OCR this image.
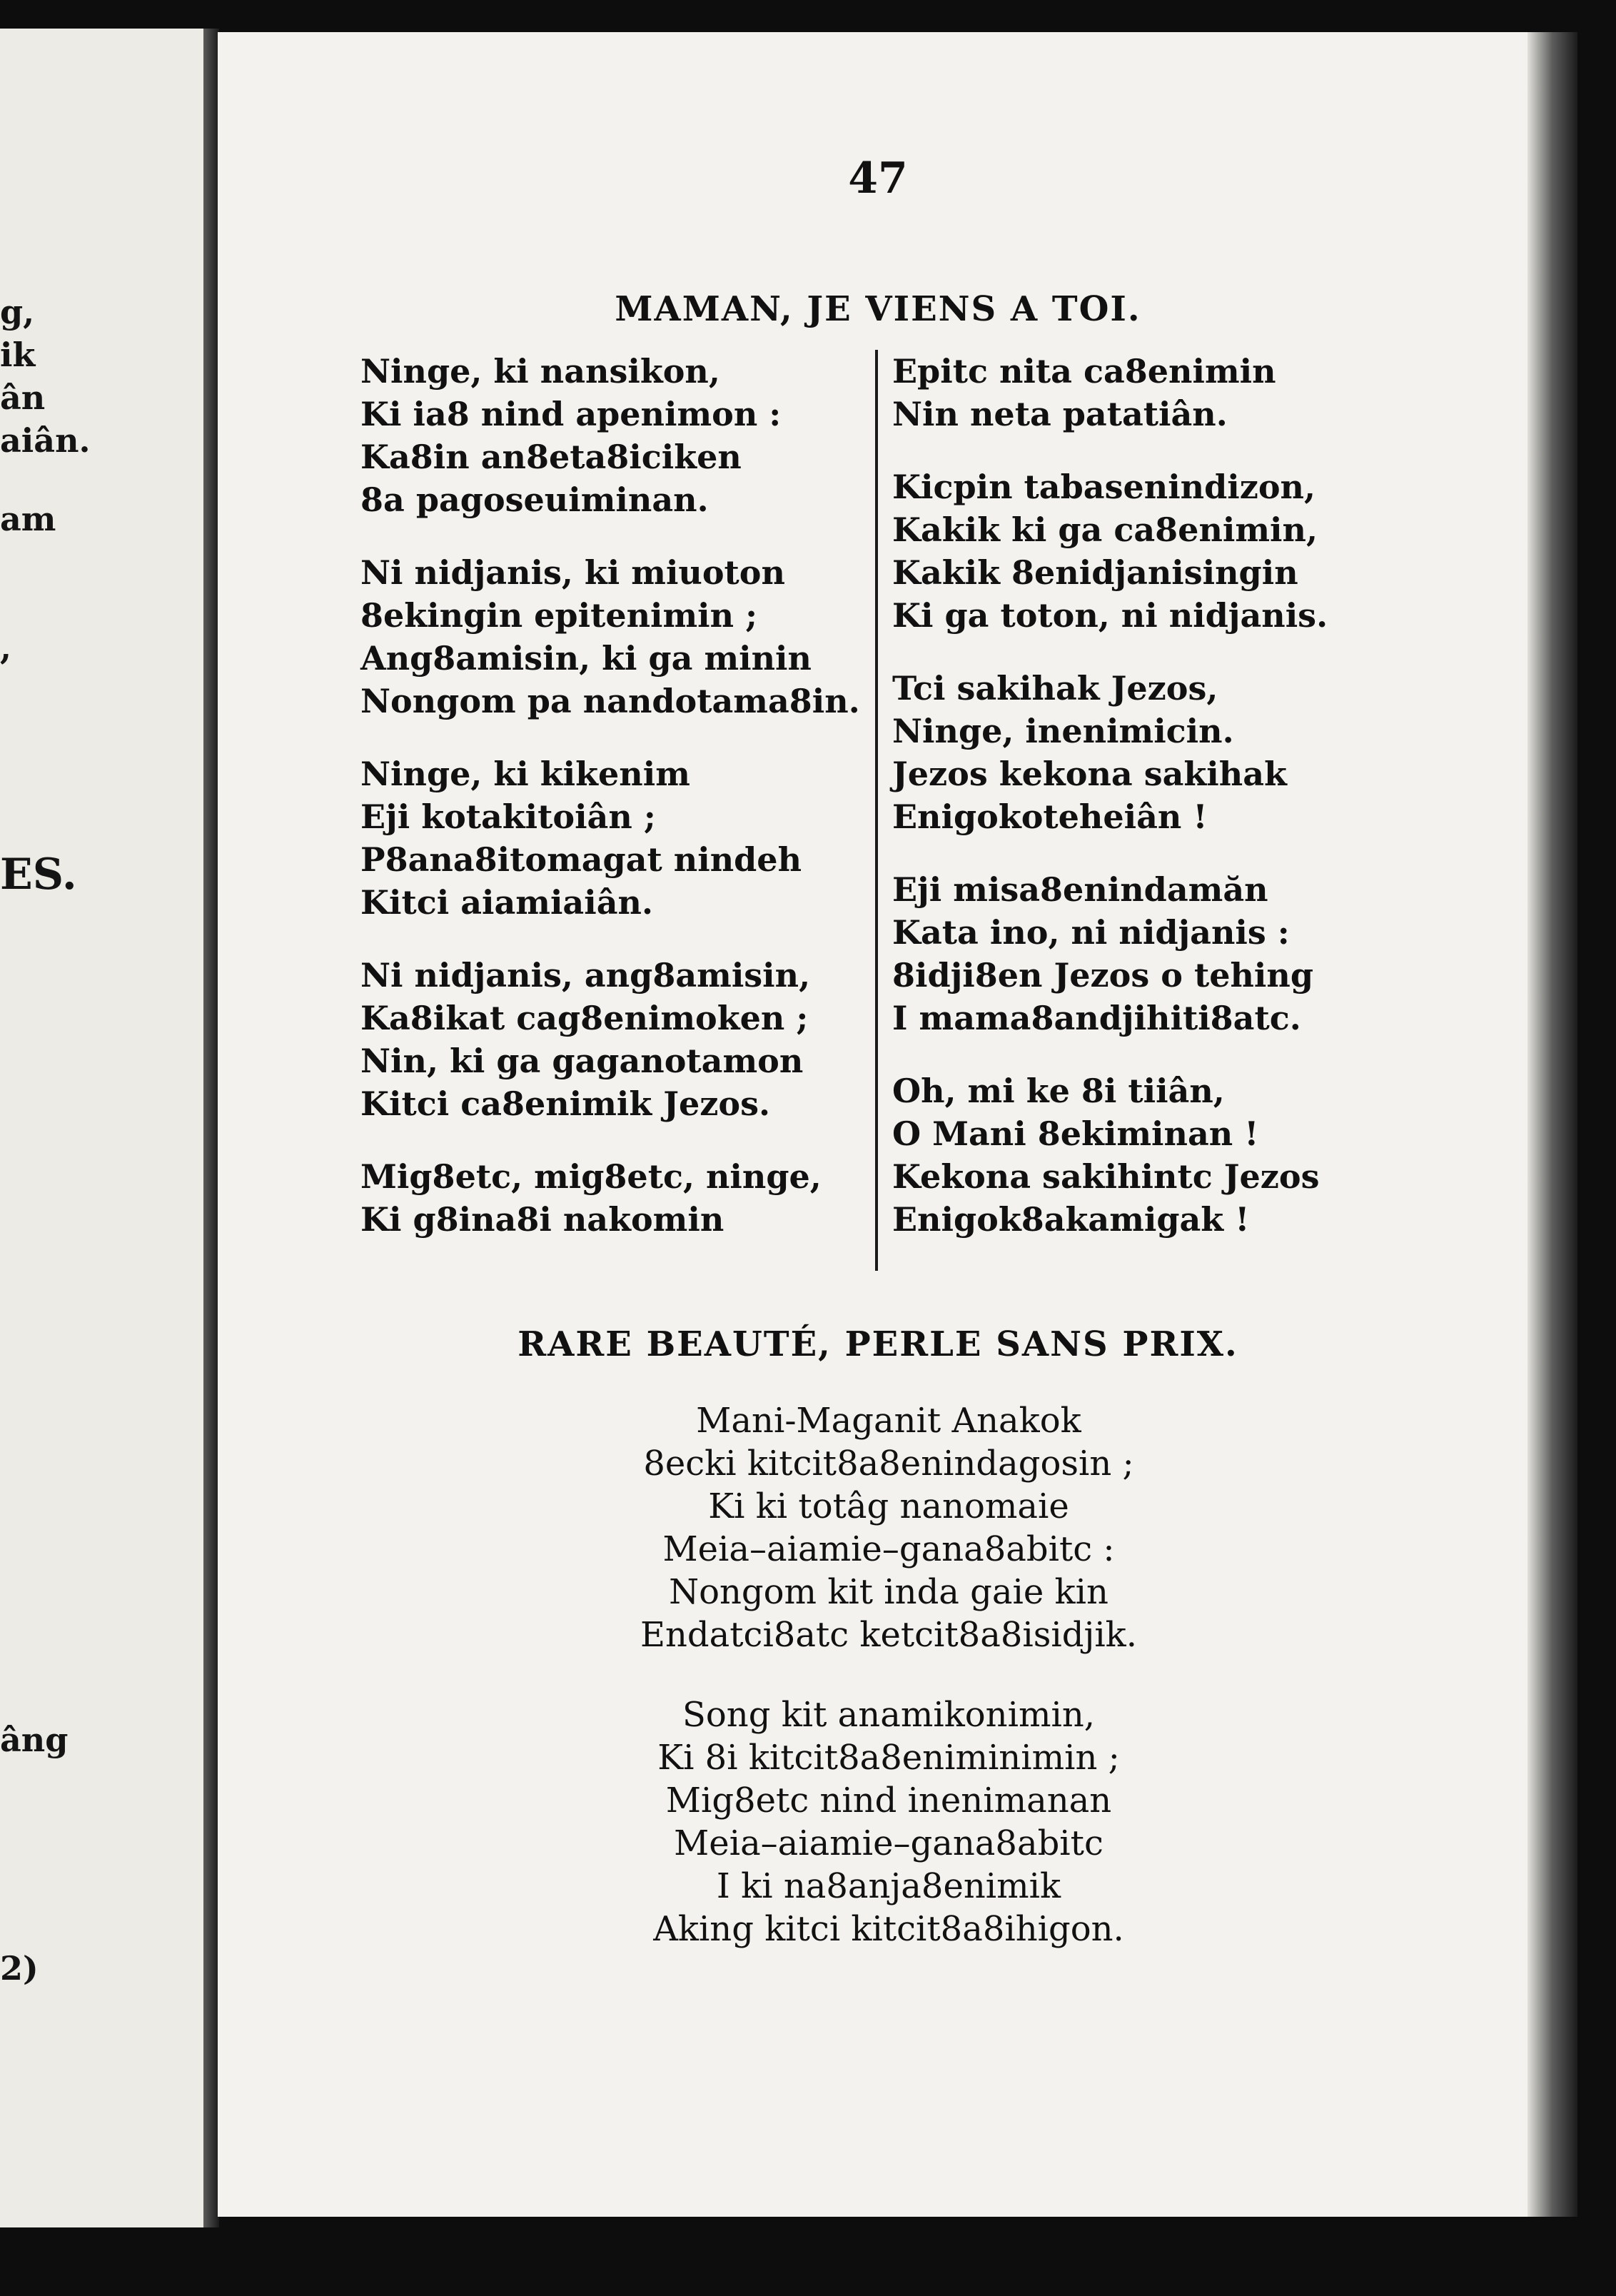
g,
ik
ân
aiân.
am
,
ES.
âng
2)
47
MAMAN, JE VIENS A TOI.
Ninge, ki nansikon,
Ki ia8 nind apenimon :
Ka8in an8eta8iciken
8a pagoseuiminan.
Ni nidjanis, ki miuoton
8ekingin epitenimin ;
Ang8amisin, ki ga minin
Nongom pa nandotama8in.
Ninge, ki kikenim
Eji kotakitoiân ;
P8ana8itomagat nindeh
Kitci aiamiaiân.
Ni nidjanis, ang8amisin,
Ka8ikat cag8enimoken ;
Nin, ki ga gaganotamon
Kitci ca8enimik Jezos.
Mig8etc, mig8etc, ninge,
Ki g8ina8i nakomin
Epitc nita ca8enimin
Nin neta patatiân.
Kicpin tabasenindizon,
Kakik ki ga ca8enimin,
Kakik 8enidjanisingin
Ki ga toton, ni nidjanis.
Tci sakihak Jezos,
Ninge, inenimicin.
Jezos kekona sakihak
Enigokoteheiân !
Eji misa8enindamăn
Kata ino, ni nidjanis :
8idji8en Jezos o tehing
I mama8andjihiti8atc.
Oh, mi ke 8i tiiân,
O Mani 8ekiminan !
Kekona sakihintc Jezos
Enigok8akamigak !
RARE BEAUTÉ, PERLE SANS PRIX.
Mani-Maganit Anakok
8ecki kitcit8a8enindagosin ;
Ki ki totâg nanomaie
Meia–aiamie–gana8abitc :
Nongom kit inda gaie kin
Endatci8atc ketcit8a8isidjik.
Song kit anamikonimin,
Ki 8i kitcit8a8eniminimin ;
Mig8etc nind inenimanan
Meia–aiamie–gana8abitc
I ki na8anja8enimik
Aking kitci kitcit8a8ihigon.
